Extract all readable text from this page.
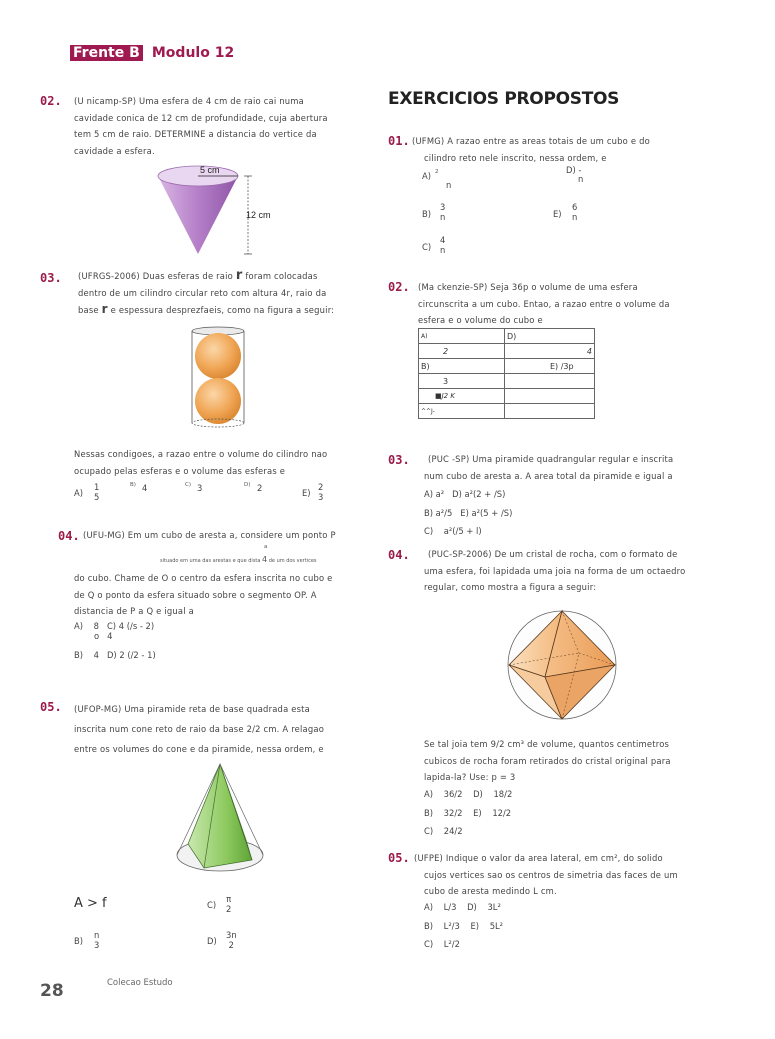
Frente B Modulo 12
EXERCICIOS PROPOSTOS
02. (U nicamp-SP) Uma esfera de 4 cm de raio cai numa
cavidade conica de 12 cm de profundidade, cuja abertura
tem 5 cm de raio. DETERMINE a distancia do vertice da
cavidade a esfera.
5 cm
12 cm
03. (UFRGS-2006) Duas esferas de raio r foram colocadas
dentro de um cilindro circular reto com altura 4r, raio da
base r e espessura desprezfaeis, como na figura a seguir:
Nessas condigoes, a razao entre o volume do cilindro nao
ocupado pelas esferas e o volume das esferas e
A)
1
5
B) 4	C) 3	D) 2	E)
2
3
04. (UFU-MG) Em um cubo de aresta a, considere um ponto P
a
situado em uma das arestas e que dista 4 de um dos vertices
do cubo. Chame de O o centro da esfera inscrita no cubo e
de Q o ponto da esfera situado sobre o segmento OP. A
distancia de P a Q e igual a
A)    8   C) 4 (/s - 2)
o   4
B)    4   D) 2 (/2 - 1)
05. (UFOP-MG) Uma piramide reta de base quadrada esta
inscrita num cone reto de raio da base 2/2 cm. A relagao
entre os volumes do cone e da piramide, nessa ordem, e
A > f	C)
π
2
B)
n
3	D)
3n
2
01. (UFMG) A razao entre as areas totais de um cubo e do
cilindro reto nele inscrito, nessa ordem, e
A) 2
n
D) -
n
B)
3
n	E)
6
n
C)
4
n
02. (Ma ckenzie-SP) Seja 36p o volume de uma esfera
circunscrita a um cubo. Entao, a razao entre o volume da
esfera e o volume do cubo e
A)	D)
2	4
B)	E) /3p
3	
■J2 K	
^^J-	
03.	(PUC -SP) Uma piramide quadrangular regular e inscrita
num cubo de aresta a. A area total da piramide e igual a
A) a²   D) a²(2 + /S)
B) a²/5   E) a²(5 + /S)
C)    a²(/5 + l)
04.	(PUC-SP-2006) De um cristal de rocha, com o formato de
uma esfera, foi lapidada uma joia na forma de um octaedro
regular, como mostra a figura a seguir:
Se tal joia tem 9/2 cm³ de volume, quantos centimetros
cubicos de rocha foram retirados do cristal original para
lapida-la? Use: p = 3
A)    36/2    D)    18/2
B)    32/2    E)    12/2
C)    24/2
05. (UFPE) Indique o valor da area lateral, em cm², do solido
cujos vertices sao os centros de simetria das faces de um
cubo de aresta medindo L cm.
A)    L/3    D)    3L²
B)    L²/3    E)    5L²
C)    L²/2
28	Colecao Estudo
